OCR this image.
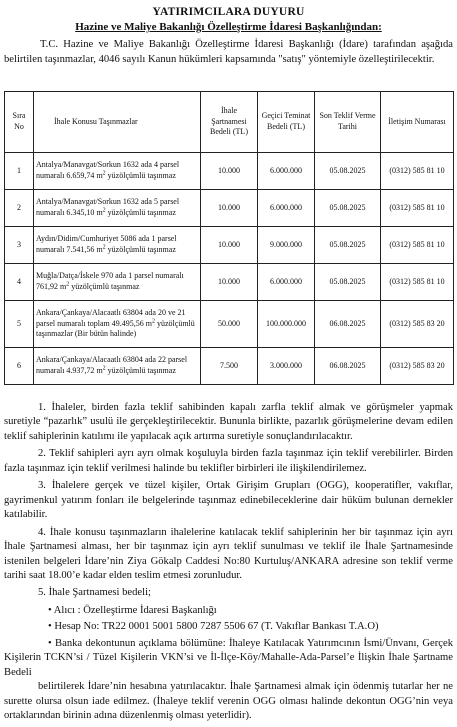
YATIRIMCILARA DUYURU
Hazine ve Maliye Bakanlığı Özelleştirme İdaresi Başkanlığından:
T.C. Hazine ve Maliye Bakanlığı Özelleştirme İdaresi Başkanlığı (İdare) tarafından aşağıda belirtilen taşınmazlar, 4046 sayılı Kanun hükümleri kapsamında "satış" yöntemiyle özelleştirilecektir.
Sıra No	İhale Konusu Taşınmazlar	İhale Şartnamesi Bedeli (TL)	Geçici Teminat Bedeli (TL)	Son Teklif Verme Tarihi	İletişim Numarası
1	Antalya/Manavgat/Sorkun 1632 ada 4 parsel numaralı 6.659,74 $m^2$ yüzölçümlü taşınmaz	10.000	6.000.000	05.08.2025	(0312) 585 81 10
2	Antalya/Manavgat/Sorkun 1632 ada 5 parsel numaralı 6.345,10 $m^2$ yüzölçümlü taşınmaz	10.000	6.000.000	05.08.2025	(0312) 585 81 10
3	Aydın/Didim/Cumhuriyet 5086 ada 1 parsel numaralı 7.541,56 $m^2$ yüzölçümlü taşınmaz	10.000	9.000.000	05.08.2025	(0312) 585 81 10
4	Muğla/Datça/İskele 970 ada 1 parsel numaralı 761,92 $m^2$ yüzölçümlü taşınmaz	10.000	6.000.000	05.08.2025	(0312) 585 81 10
5	Ankara/Çankaya/Alacaatlı 63804 ada 20 ve 21 parsel numaralı toplam 49.495,56 $m^2$ yüzölçümlü taşınmazlar (Bir bütün halinde)	50.000	100.000.000	06.08.2025	(0312) 585 83 20
6	Ankara/Çankaya/Alacaatlı 63804 ada 22 parsel numaralı 4.937,72 $m^2$ yüzölçümlü taşınmaz	7.500	3.000.000	06.08.2025	(0312) 585 83 20

1. İhaleler, birden fazla teklif sahibinden kapalı zarfla teklif almak ve görüşmeler yapmak suretiyle “pazarlık” usulü ile gerçekleştirilecektir. Bununla birlikte, pazarlık görüşmelerine devam edilen teklif sahiplerinin katılımı ile yapılacak açık artırma suretiyle sonuçlandırılacaktır.

2. Teklif sahipleri ayrı ayrı olmak koşuluyla birden fazla taşınmaz için teklif verebilirler. Birden fazla taşınmaz için teklif verilmesi halinde bu teklifler birbirleri ile ilişkilendirilemez.

3. İhalelere gerçek ve tüzel kişiler, Ortak Girişim Grupları (OGG), kooperatifler, vakıflar, gayrimenkul yatırım fonları ile belgelerinde taşınmaz edinebileceklerine dair hüküm bulunan dernekler katılabilir.

4. İhale konusu taşınmazların ihalelerine katılacak teklif sahiplerinin her bir taşınmaz için ayrı İhale Şartnamesi alması, her bir taşınmaz için ayrı teklif sunulması ve teklif ile İhale Şartnamesinde istenilen belgeleri İdare’nin Ziya Gökalp Caddesi No:80 Kurtuluş/ANKARA adresine son teklif verme tarihi saat 18.00’e kadar elden teslim etmesi zorunludur.

5. İhale Şartnamesi bedeli;

• Alıcı : Özelleştirme İdaresi Başkanlığı

• Hesap No: TR22 0001 5001 5800 7287 5506 67 (T. Vakıflar Bankası T.A.O)

• Banka dekontunun açıklama bölümüne: İhaleye Katılacak Yatırımcının İsmi/Ünvanı, Gerçek Kişilerin TCKN’si / Tüzel Kişilerin VKN’si ve İl-İlçe-Köy/Mahalle-Ada-Parsel’e İlişkin İhale Şartname Bedeli

belirtilerek İdare’nin hesabına yatırılacaktır. İhale Şartnamesi almak için ödenmiş tutarlar her ne surette olursa olsun iade edilmez. (İhaleye teklif verenin OGG olması halinde dekontun OGG’nin veya ortaklarından birinin adına düzenlenmiş olması yeterlidir).
